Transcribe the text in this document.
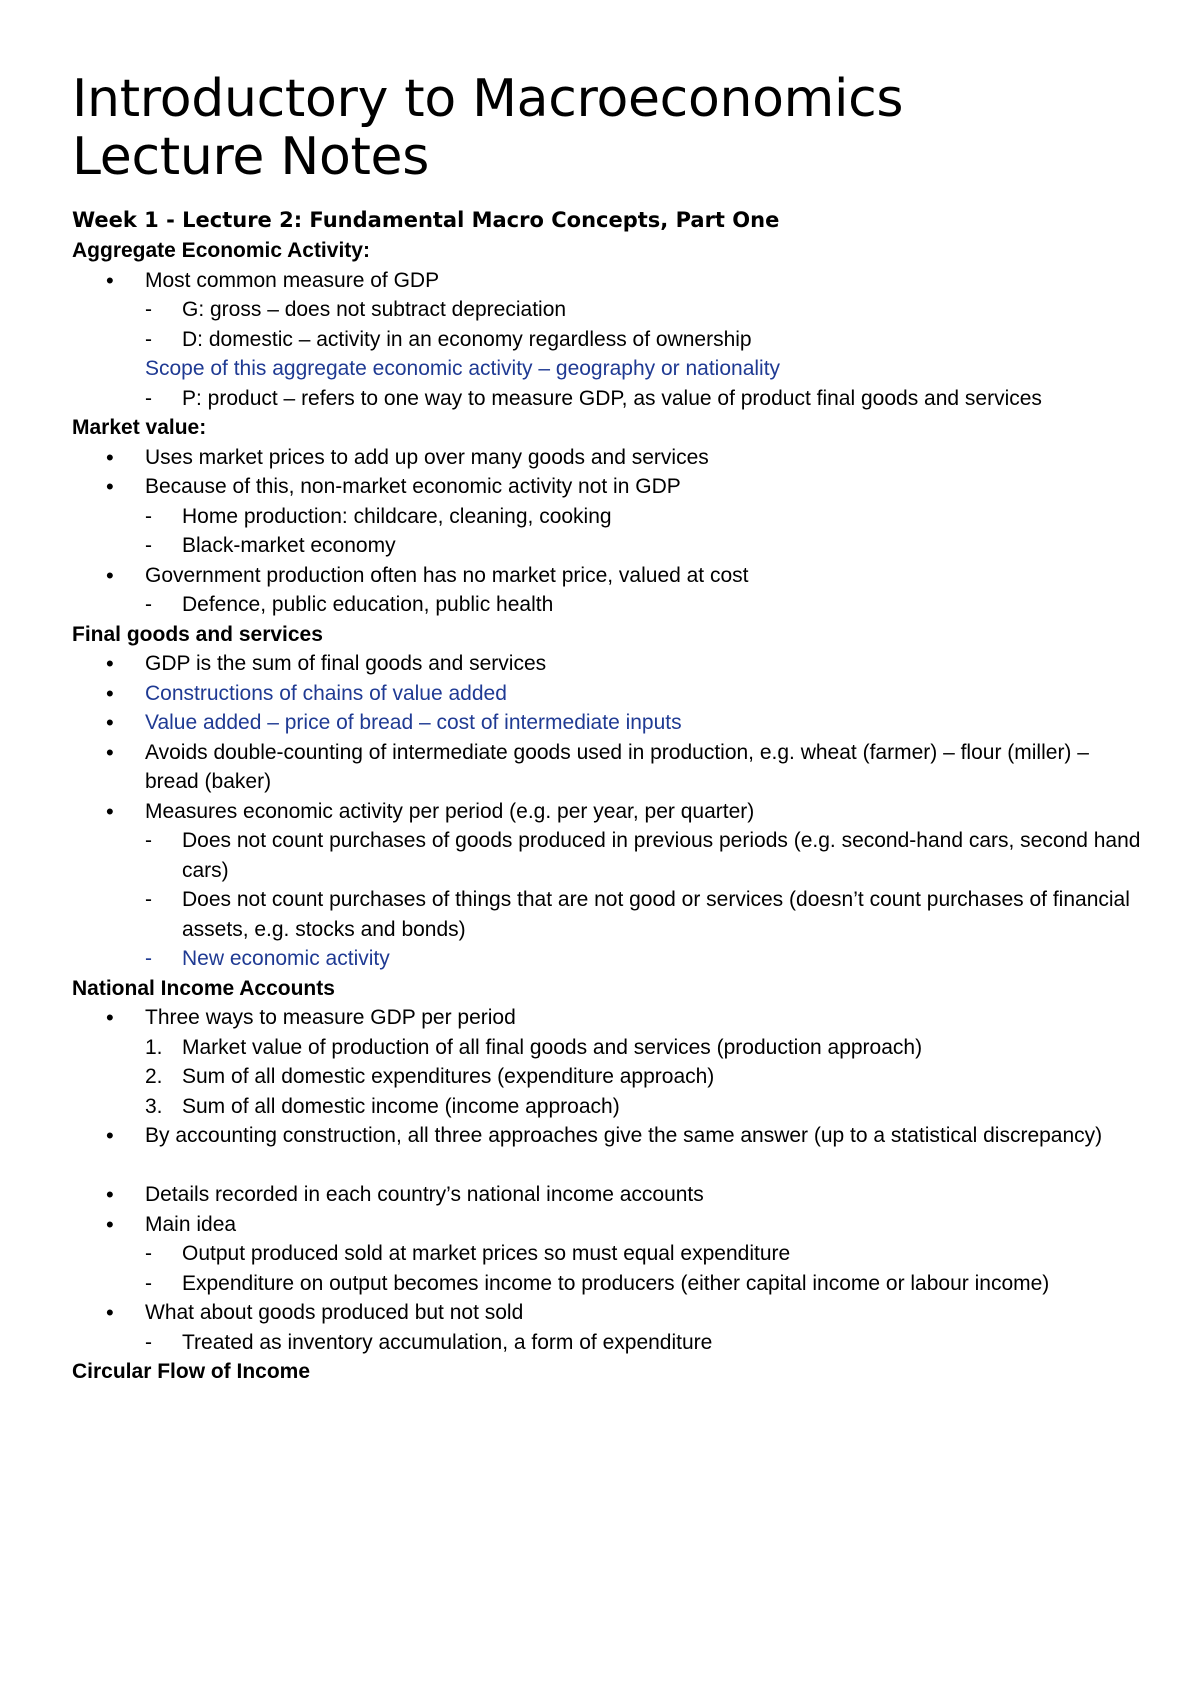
Introductory to Macroeconomics
Lecture Notes
Week 1 - Lecture 2: Fundamental Macro Concepts, Part One
Aggregate Economic Activity:
• Most common measure of GDP
- G: gross – does not subtract depreciation
- D: domestic – activity in an economy regardless of ownership
Scope of this aggregate economic activity – geography or nationality
- P: product – refers to one way to measure GDP, as value of product final goods and services
Market value:
• Uses market prices to add up over many goods and services
• Because of this, non-market economic activity not in GDP
- Home production: childcare, cleaning, cooking
- Black-market economy
• Government production often has no market price, valued at cost
- Defence, public education, public health
Final goods and services
• GDP is the sum of final goods and services
• Constructions of chains of value added
• Value added – price of bread – cost of intermediate inputs
• Avoids double-counting of intermediate goods used in production, e.g. wheat (farmer) – flour (miller) – bread (baker)
• Measures economic activity per period (e.g. per year, per quarter)
- Does not count purchases of goods produced in previous periods (e.g. second-hand cars, second hand cars)
- Does not count purchases of things that are not good or services (doesn’t count purchases of financial assets, e.g. stocks and bonds)
- New economic activity
National Income Accounts
• Three ways to measure GDP per period
1. Market value of production of all final goods and services (production approach)
2. Sum of all domestic expenditures (expenditure approach)
3. Sum of all domestic income (income approach)
• By accounting construction, all three approaches give the same answer (up to a statistical discrepancy)
• Details recorded in each country’s national income accounts
• Main idea
- Output produced sold at market prices so must equal expenditure
- Expenditure on output becomes income to producers (either capital income or labour income)
• What about goods produced but not sold
- Treated as inventory accumulation, a form of expenditure
Circular Flow of Income
